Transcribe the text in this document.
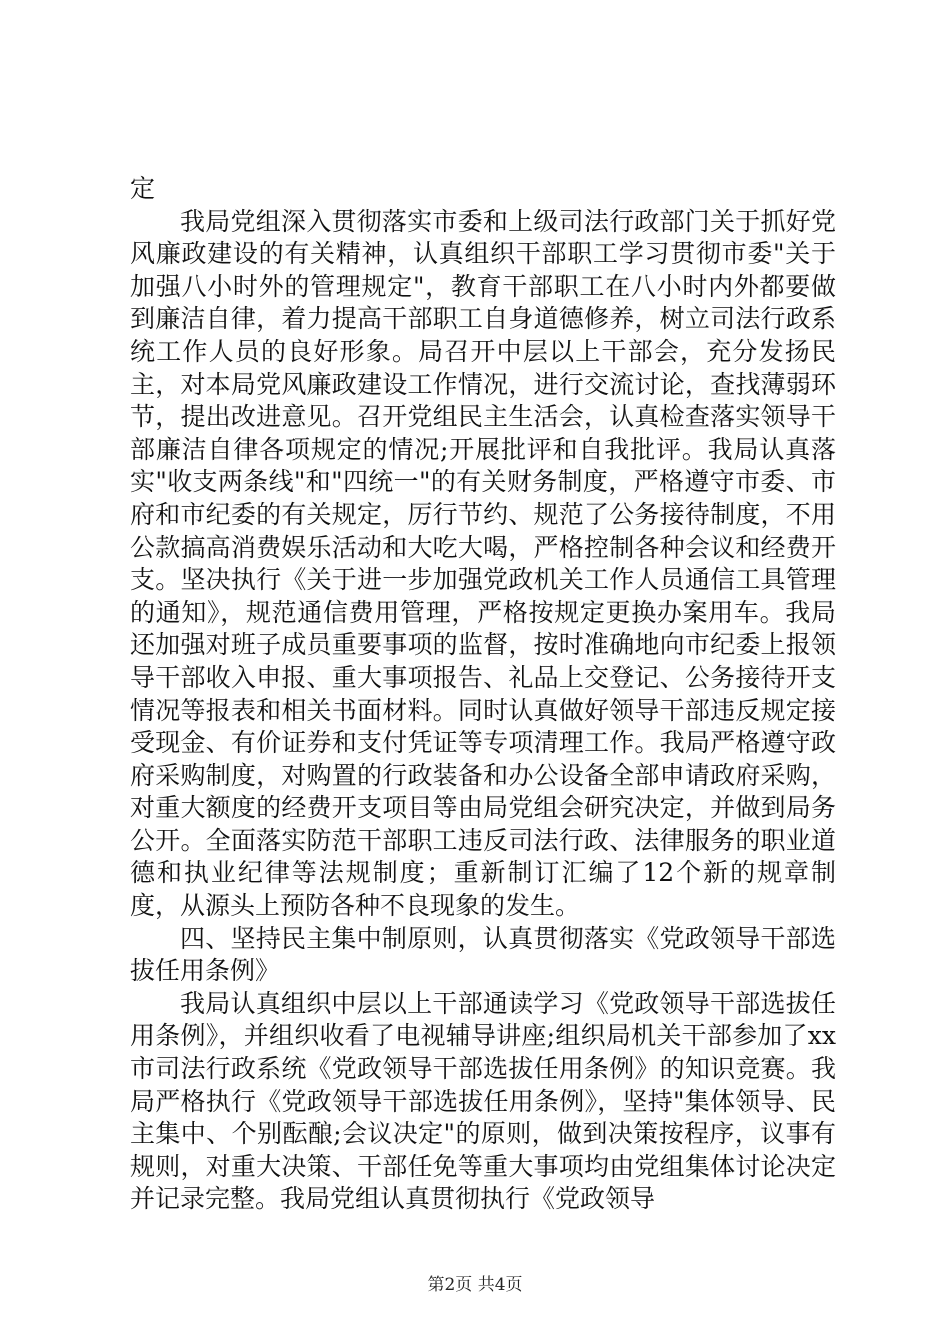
定

我局党组深入贯彻落实市委和上级司法行政部门关于抓好党风廉政建设的有关精神，认真组织干部职工学习贯彻市委"关于加强八小时外的管理规定"，教育干部职工在八小时内外都要做到廉洁自律，着力提高干部职工自身道德修养，树立司法行政系统工作人员的良好形象。局召开中层以上干部会，充分发扬民主，对本局党风廉政建设工作情况，进行交流讨论，查找薄弱环节，提出改进意见。召开党组民主生活会，认真检查落实领导干部廉洁自律各项规定的情况;开展批评和自我批评。我局认真落实"收支两条线"和"四统一"的有关财务制度，严格遵守市委、市府和市纪委的有关规定，厉行节约、规范了公务接待制度，不用公款搞高消费娱乐活动和大吃大喝，严格控制各种会议和经费开支。坚决执行《关于进一步加强党政机关工作人员通信工具管理的通知》，规范通信费用管理，严格按规定更换办案用车。我局还加强对班子成员重要事项的监督，按时准确地向市纪委上报领导干部收入申报、重大事项报告、礼品上交登记、公务接待开支情况等报表和相关书面材料。同时认真做好领导干部违反规定接受现金、有价证券和支付凭证等专项清理工作。我局严格遵守政府采购制度，对购置的行政装备和办公设备全部申请政府采购，对重大额度的经费开支项目等由局党组会研究决定，并做到局务公开。全面落实防范干部职工违反司法行政、法律服务的职业道德和执业纪律等法规制度；重新制订汇编了12个新的规章制度，从源头上预防各种不良现象的发生。

四、坚持民主集中制原则，认真贯彻落实《党政领导干部选拔任用条例》

我局认真组织中层以上干部通读学习《党政领导干部选拔任用条例》，并组织收看了电视辅导讲座;组织局机关干部参加了xx市司法行政系统《党政领导干部选拔任用条例》的知识竞赛。我局严格执行《党政领导干部选拔任用条例》，坚持"集体领导、民主集中、个别酝酿;会议决定"的原则，做到决策按程序，议事有规则，对重大决策、干部任免等重大事项均由党组集体讨论决定并记录完整。我局党组认真贯彻执行《党政领导

第2页 共4页
